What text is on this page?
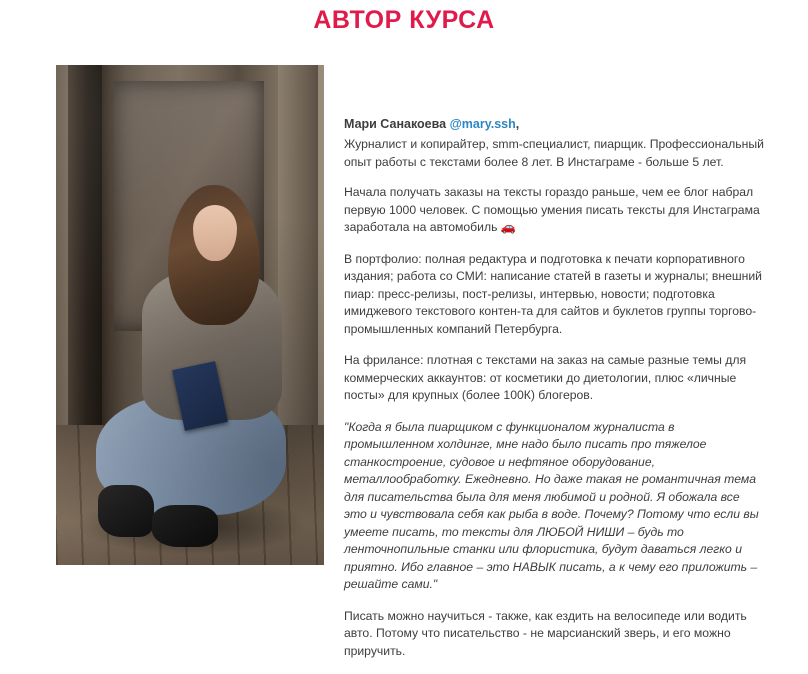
АВТОР КУРСА
Мари Санакоева @mary.ssh,

Журналист и копирайтер, smm-специалист, пиарщик. Профессиональный опыт работы с текстами более 8 лет. В Инстаграме - больше 5 лет.

Начала получать заказы на тексты гораздо раньше, чем ее блог набрал первую 1000 человек. С помощью умения писать тексты для Инстаграма заработала на автомобиль 🚗

В портфолио: полная редактура и подготовка к печати корпоративного издания; работа со СМИ: написание статей в газеты и журналы; внешний пиар: пресс-релизы, пост-релизы, интервью, новости; подготовка имиджевого текстового контен-та для сайтов и буклетов группы торгово-промышленных компаний Петербурга.

На фрилансе: плотная с текстами на заказ на самые разные темы для коммерческих аккаунтов: от косметики до диетологии, плюс «личные посты» для крупных (более 100К) блогеров.

"Когда я была пиарщиком с функционалом журналиста в промышленном холдинге, мне надо было писать про тяжелое станкостроение, судовое и нефтяное оборудование, металлообработку. Ежедневно. Но даже такая не романтичная тема для писательства была для меня любимой и родной. Я обожала все это и чувствовала себя как рыба в воде. Почему? Потому что если вы умеете писать, то тексты для ЛЮБОЙ НИШИ – будь то ленточнопильные станки или флористика, будут даваться легко и приятно. Ибо главное – это НАВЫК писать, а к чему его приложить – решайте сами."

Писать можно научиться - также, как ездить на велосипеде или водить авто. Потому что писательство - не марсианский зверь, и его можно приручить.
